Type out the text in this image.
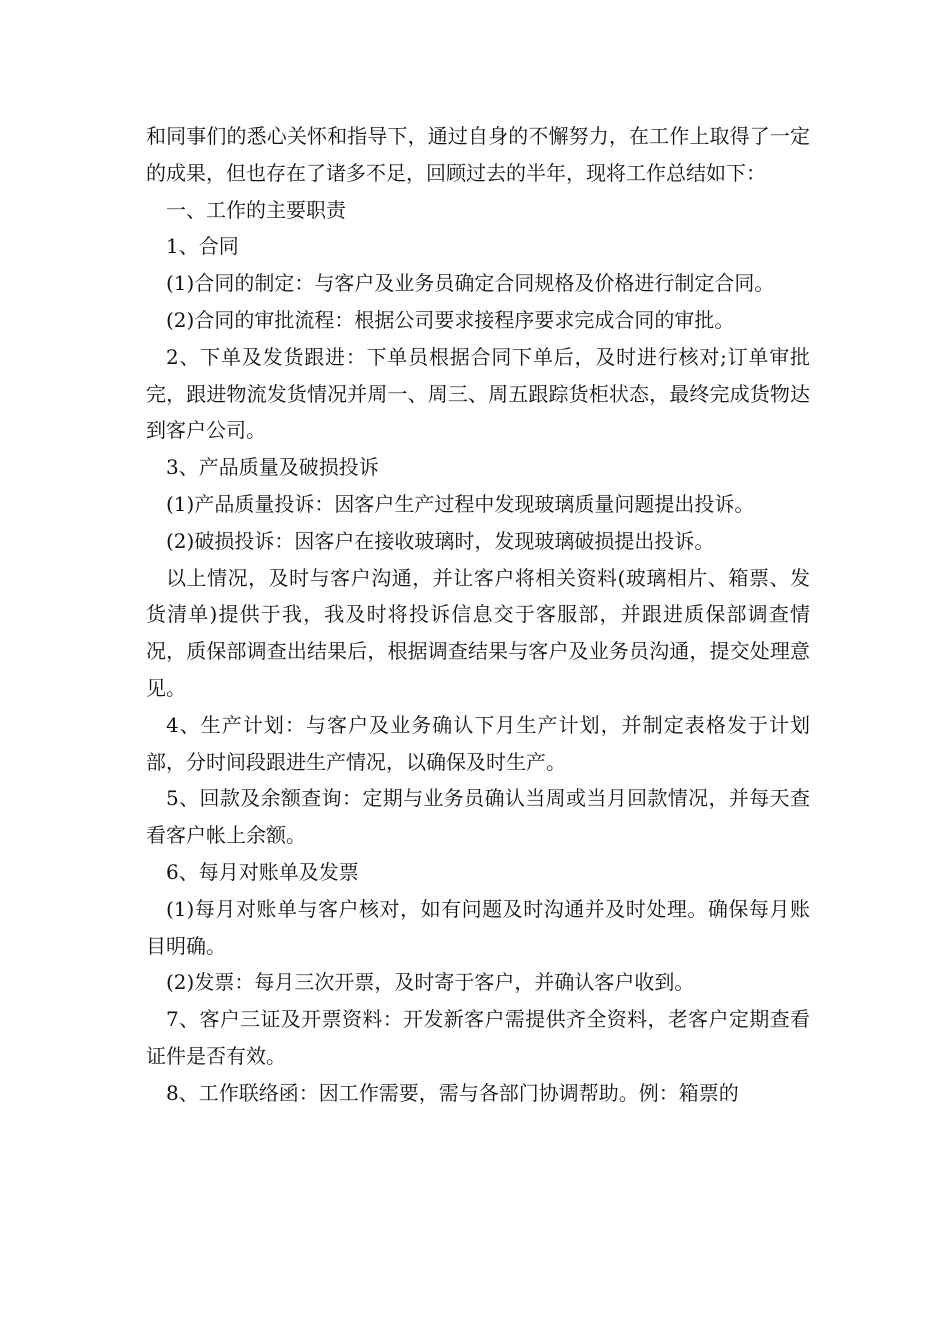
和同事们的悉心关怀和指导下，通过自身的不懈努力，在工作上取得了一定的成果，但也存在了诸多不足，回顾过去的半年，现将工作总结如下：

一、工作的主要职责

1、合同

(1)合同的制定：与客户及业务员确定合同规格及价格进行制定合同。

(2)合同的审批流程：根据公司要求接程序要求完成合同的审批。

2、下单及发货跟进：下单员根据合同下单后，及时进行核对;订单审批完，跟进物流发货情况并周一、周三、周五跟踪货柜状态，最终完成货物达到客户公司。

3、产品质量及破损投诉

(1)产品质量投诉：因客户生产过程中发现玻璃质量问题提出投诉。

(2)破损投诉：因客户在接收玻璃时，发现玻璃破损提出投诉。

以上情况，及时与客户沟通，并让客户将相关资料(玻璃相片、箱票、发货清单)提供于我，我及时将投诉信息交于客服部，并跟进质保部调查情况，质保部调查出结果后，根据调查结果与客户及业务员沟通，提交处理意见。

4、生产计划：与客户及业务确认下月生产计划，并制定表格发于计划部，分时间段跟进生产情况，以确保及时生产。

5、回款及余额查询：定期与业务员确认当周或当月回款情况，并每天查看客户帐上余额。

6、每月对账单及发票

(1)每月对账单与客户核对，如有问题及时沟通并及时处理。确保每月账目明确。

(2)发票：每月三次开票，及时寄于客户，并确认客户收到。

7、客户三证及开票资料：开发新客户需提供齐全资料，老客户定期查看证件是否有效。

8、工作联络函：因工作需要，需与各部门协调帮助。例：箱票的
